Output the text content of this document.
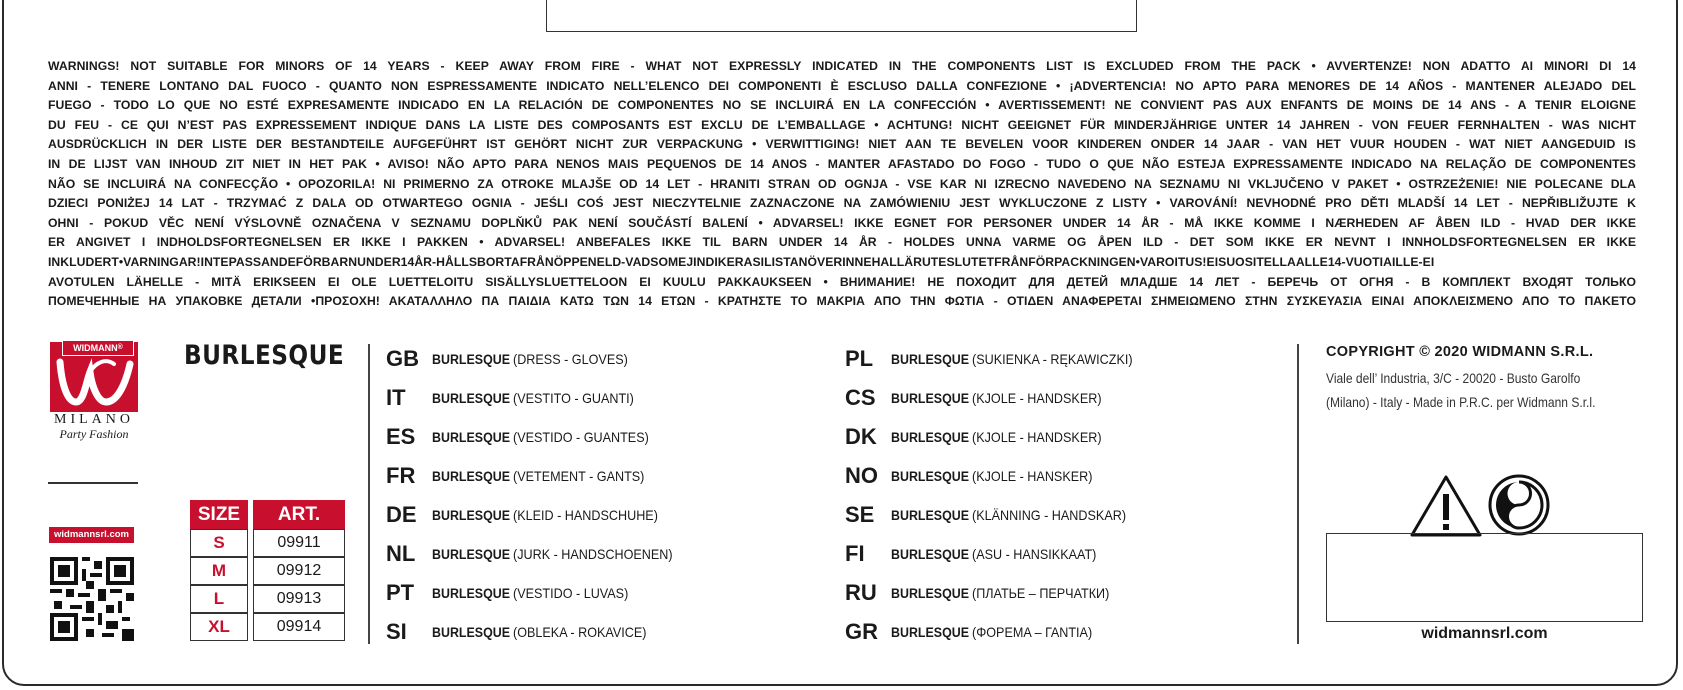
WARNINGS! NOT SUITABLE FOR MINORS OF 14 YEARS - KEEP AWAY FROM FIRE - WHAT NOT EXPRESSLY INDICATED IN THE COMPONENTS LIST IS EXCLUDED FROM THE PACK • AVVERTENZE! NON ADATTO AI MINORI DI 14
ANNI - TENERE LONTANO DAL FUOCO - QUANTO NON ESPRESSAMENTE INDICATO NELL’ELENCO DEI COMPONENTI È ESCLUSO DALLA CONFEZIONE • ¡ADVERTENCIA! NO APTO PARA MENORES DE 14 AÑOS - MANTENER ALEJADO DEL
FUEGO - TODO LO QUE NO ESTÉ EXPRESAMENTE INDICADO EN LA RELACIÓN DE COMPONENTES NO SE INCLUIRÁ EN LA CONFECCIÓN • AVERTISSEMENT! NE CONVIENT PAS AUX ENFANTS DE MOINS DE 14 ANS - A TENIR ELOIGNE
DU FEU - CE QUI N’EST PAS EXPRESSEMENT INDIQUE DANS LA LISTE DES COMPOSANTS EST EXCLU DE L’EMBALLAGE • ACHTUNG! NICHT GEEIGNET FÜR MINDERJÄHRIGE UNTER 14 JAHREN - VON FEUER FERNHALTEN - WAS NICHT
AUSDRÜCKLICH IN DER LISTE DER BESTANDTEILE AUFGEFÜHRT IST GEHÖRT NICHT ZUR VERPACKUNG • VERWITTIGING! NIET AAN TE BEVELEN VOOR KINDEREN ONDER 14 JAAR - VAN HET VUUR HOUDEN - WAT NIET AANGEDUID IS
IN DE LIJST VAN INHOUD ZIT NIET IN HET PAK • AVISO! NÃO APTO PARA NENOS MAIS PEQUENOS DE 14 ANOS - MANTER AFASTADO DO FOGO - TUDO O QUE NÃO ESTEJA EXPRESSAMENTE INDICADO NA RELAÇÃO DE COMPONENTES
NÃO SE INCLUIRÁ NA CONFECÇÃO • OPOZORILA! NI PRIMERNO ZA OTROKE MLAJŠE OD 14 LET - HRANITI STRAN OD OGNJA - VSE KAR NI IZRECNO NAVEDENO NA SEZNAMU NI VKLJUČENO V PAKET • OSTRZEŻENIE! NIE POLECANE DLA
DZIECI PONIŻEJ 14 LAT - TRZYMAĆ Z DALA OD OTWARTEGO OGNIA - JEŚLI COŚ JEST NIECZYTELNIE ZAZNACZONE NA ZAMÓWIENIU JEST WYKLUCZONE Z LISTY • VAROVÁNÍ! NEVHODNÉ PRO DĚTI MLADŠÍ 14 LET - NEPŘIBLIŽUJTE K
OHNI - POKUD VĚC NENÍ VÝSLOVNĚ OZNAČENA V SEZNAMU DOPLŇKŮ PAK NENÍ SOUČÁSTÍ BALENÍ • ADVARSEL! IKKE EGNET FOR PERSONER UNDER 14 ÅR - MÅ IKKE KOMME I NÆRHEDEN AF ÅBEN ILD - HVAD DER IKKE
ER ANGIVET I INDHOLDSFORTEGNELSEN ER IKKE I PAKKEN • ADVARSEL! ANBEFALES IKKE TIL BARN UNDER 14 ÅR - HOLDES UNNA VARME OG ÅPEN ILD - DET SOM IKKE ER NEVNT I INNHOLDSFORTEGNELSEN ER IKKE
INKLUDERT•VARNINGAR!INTEPASSANDEFÖRBARNUNDER14ÅR-HÅLLSBORTAFRÅNÖPPENELD-VADSOMEJINDIKERASILISTANÖVERINNEHALLÄRUTESLUTETFRÅNFÖRPACKNINGEN•VAROITUS!EISUOSITELLAALLE14-VUOTIAILLE-EI
AVOTULEN LÄHELLE - MITÄ ERIKSEEN EI OLE LUETTELOITU SISÄLLYSLUETTELOON EI KUULU PAKKAUKSEEN • ВНИМАНИЕ! НЕ ПОХОДИТ ДЛЯ ДЕТЕЙ МЛАДШЕ 14 ЛЕТ - БЕРЕЧЬ ОТ ОГНЯ - В КОМПЛЕКТ ВХОДЯТ ТОЛЬКО
ПОМЕЧЕННЫЕ НА УПАКОВКЕ ДЕТАЛИ •ΠΡΟΣΟΧΗ! ΑΚΑΤΑΛΛΗΛΟ ΠΑ ΠΑΙΔΙΑ ΚΑΤΩ ΤΩΝ 14 ΕΤΩΝ - ΚΡΑΤΗΣΤΕ ΤΟ ΜΑΚΡΙΑ ΑΠΟ ΤΗΝ ΦΩΤΙΑ - ΟΤΙΔΕΝ ΑΝΑΦΕΡΕΤΑΙ ΣΗΜΕΙΩΜΕΝΟ ΣΤΗΝ ΣΥΣΚΕΥΑΣΙΑ ΕΙΝΑΙ ΑΠΟΚΛΕΙΣΜΕΝΟ ΑΠΟ ΤΟ ΠΑΚΕΤΟ
WIDMANN®
MILANO
Party Fashion
widmannsrl.com
BURLESQUE
SIZE	ART.
S	09911
M	09912
L	09913
XL	09914
GB BURLESQUE (DRESS - GLOVES)
IT BURLESQUE (VESTITO - GUANTI)
ES BURLESQUE (VESTIDO - GUANTES)
FR BURLESQUE (VETEMENT - GANTS)
DE BURLESQUE (KLEID - HANDSCHUHE)
NL BURLESQUE (JURK - HANDSCHOENEN)
PT BURLESQUE (VESTIDO - LUVAS)
SI BURLESQUE (OBLEKA - ROKAVICE)
PL BURLESQUE (SUKIENKA - RĘKAWICZKI)
CS BURLESQUE (KJOLE - HANDSKER)
DK BURLESQUE (KJOLE - HANDSKER)
NO BURLESQUE (KJOLE - HANSKER)
SE BURLESQUE (KLÄNNING - HANDSKAR)
FI BURLESQUE (ASU - HANSIKKAAT)
RU BURLESQUE (ПЛАТЬЕ – ПЕРЧАТКИ)
GR BURLESQUE (ΦΟΡΕΜΑ – ΓΑΝΤΙΑ)
COPYRIGHT © 2020 WIDMANN S.R.L.
Viale dell’ Industria, 3/C - 20020 - Busto Garolfo
(Milano) - Italy - Made in P.R.C. per Widmann S.r.l.
widmannsrl.com
